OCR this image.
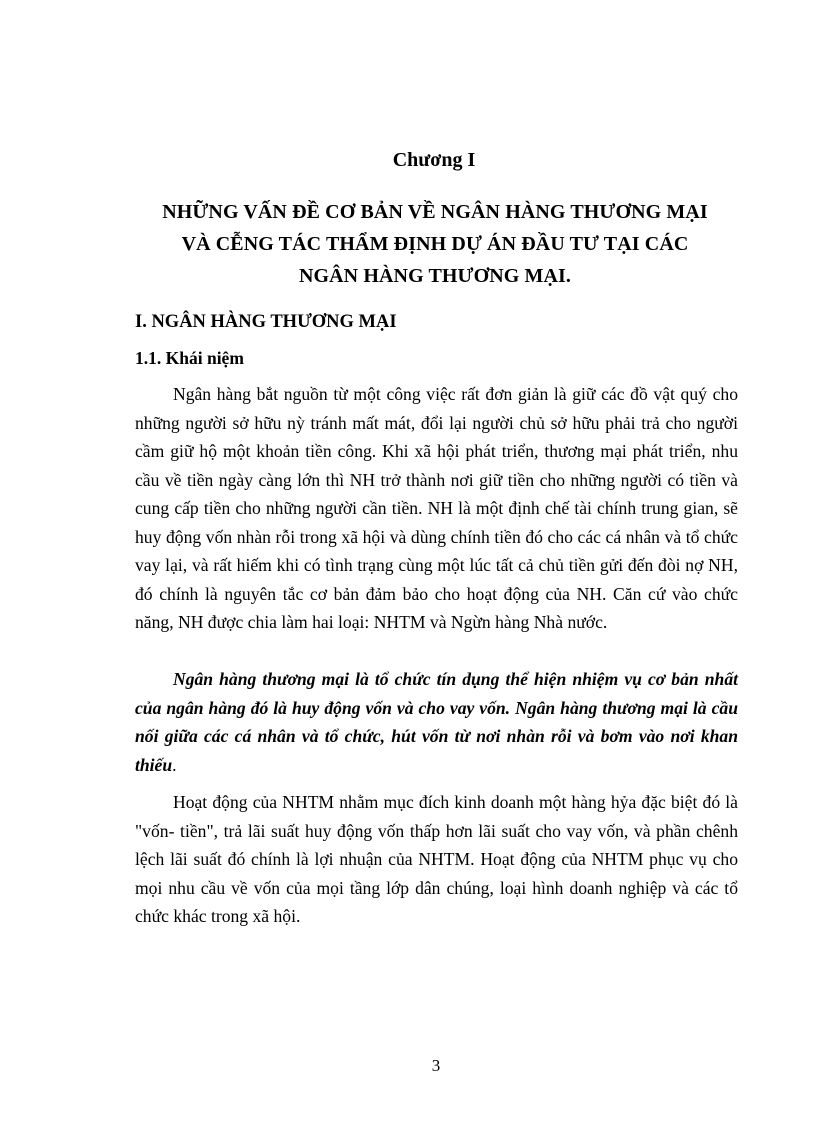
Chương I
NHỮNG VẤN ĐỀ CƠ BẢN VỀ NGÂN HÀNG THƯƠNG MẠI
VÀ CỄNG TÁC THẨM ĐỊNH DỰ ÁN ĐẦU TƯ TẠI CÁC
NGÂN HÀNG THƯƠNG MẠI.
I. NGÂN HÀNG THƯƠNG MẠI
1.1. Khái niệm

Ngân hàng bắt nguồn từ một công việc rất đơn giản là giữ các đồ vật quý cho những người sở hữu nỳ tránh mất mát, đổi lại người chủ sở hữu phải trả cho người cầm giữ hộ một khoản tiền công. Khi xã hội phát triển, thương mại phát triển, nhu cầu về tiền ngày càng lớn thì NH trở thành nơi giữ tiền cho những người có tiền và cung cấp tiền cho những người cần tiền. NH là một định chế tài chính trung gian, sẽ huy động vốn nhàn rỗi trong xã hội và dùng chính tiền đó cho các cá nhân và tổ chức vay lại, và rất hiếm khi có tình trạng cùng một lúc tất cả chủ tiền gửi đến đòi nợ NH, đó chính là nguyên tắc cơ bản đảm bảo cho hoạt động của NH. Căn cứ vào chức năng, NH được chia làm hai loại: NHTM và Ngừn hàng Nhà nước.

Ngân hàng thương mại là tổ chức tín dụng thể hiện nhiệm vụ cơ bản nhất của ngân hàng đó là huy động vốn và cho vay vốn. Ngân hàng thương mại là cầu nối giữa các cá nhân và tổ chức, hút vốn từ nơi nhàn rỗi và bơm vào nơi khan thiếu.

Hoạt động của NHTM nhằm mục đích kinh doanh một hàng hỷa đặc biệt đó là "vốn- tiền", trả lãi suất huy động vốn thấp hơn lãi suất cho vay vốn, và phần chênh lệch lãi suất đó chính là lợi nhuận của NHTM. Hoạt động của NHTM phục vụ cho mọi nhu cầu về vốn của mọi tầng lớp dân chúng, loại hình doanh nghiệp và các tổ chức khác trong xã hội.

3
